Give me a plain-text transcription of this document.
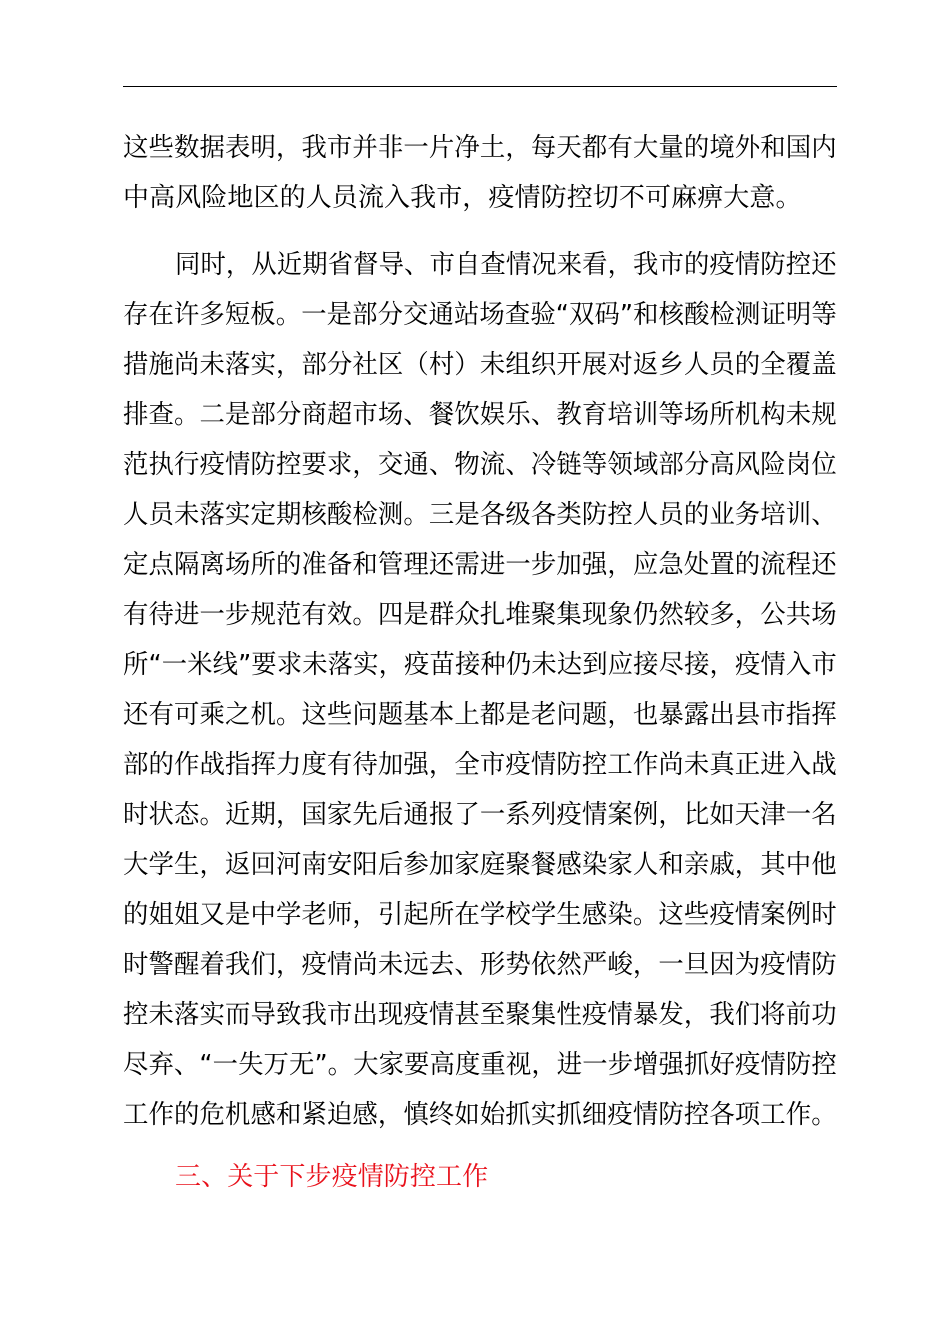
这些数据表明，我市并非一片净土，每天都有大量的境外和国内

中高风险地区的人员流入我市，疫情防控切不可麻痹大意。

同时，从近期省督导、市自查情况来看，我市的疫情防控还

存在许多短板。一是部分交通站场查验“双码”和核酸检测证明等

措施尚未落实，部分社区（村）未组织开展对返乡人员的全覆盖

排查。二是部分商超市场、餐饮娱乐、教育培训等场所机构未规

范执行疫情防控要求，交通、物流、冷链等领域部分高风险岗位

人员未落实定期核酸检测。三是各级各类防控人员的业务培训、

定点隔离场所的准备和管理还需进一步加强，应急处置的流程还

有待进一步规范有效。四是群众扎堆聚集现象仍然较多，公共场

所“一米线”要求未落实，疫苗接种仍未达到应接尽接，疫情入市

还有可乘之机。这些问题基本上都是老问题，也暴露出县市指挥

部的作战指挥力度有待加强，全市疫情防控工作尚未真正进入战

时状态。近期，国家先后通报了一系列疫情案例，比如天津一名

大学生，返回河南安阳后参加家庭聚餐感染家人和亲戚，其中他

的姐姐又是中学老师，引起所在学校学生感染。这些疫情案例时

时警醒着我们，疫情尚未远去、形势依然严峻，一旦因为疫情防

控未落实而导致我市出现疫情甚至聚集性疫情暴发，我们将前功

尽弃、“一失万无”。大家要高度重视，进一步增强抓好疫情防控

工作的危机感和紧迫感，慎终如始抓实抓细疫情防控各项工作。

三、关于下步疫情防控工作
